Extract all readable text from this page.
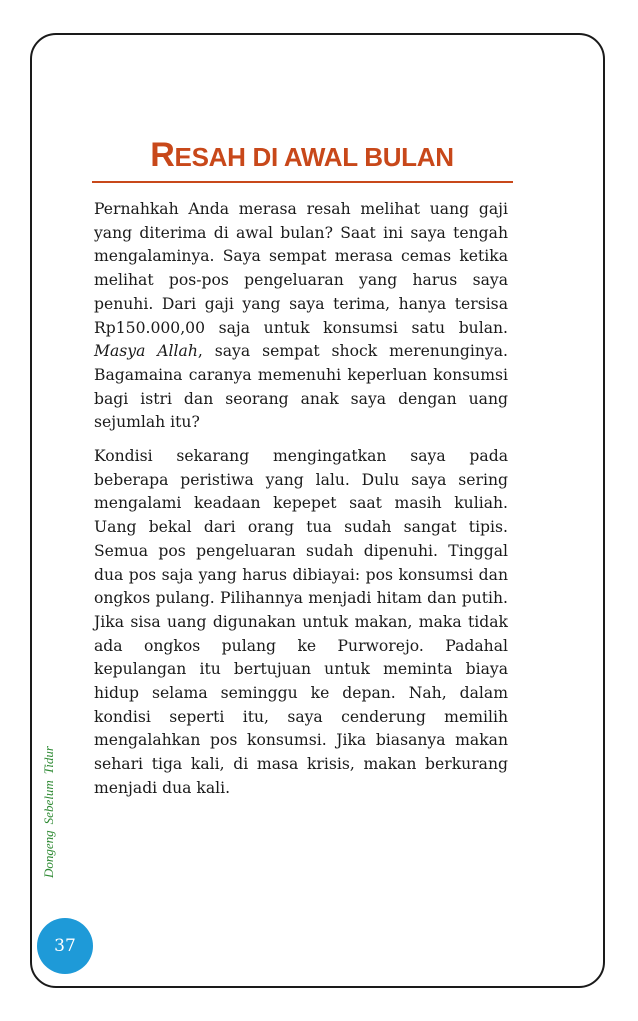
RESAH DI AWAL BULAN

Pernahkah Anda merasa resah melihat uang gaji yang diterima di awal bulan? Saat ini saya tengah mengalaminya. Saya sempat merasa cemas ketika melihat pos-pos pengeluaran yang harus saya penuhi. Dari gaji yang saya terima, hanya tersisa Rp150.000,00 saja untuk konsumsi satu bulan. Masya Allah, saya sempat shock merenunginya. Bagamaina caranya memenuhi keperluan konsumsi bagi istri dan seorang anak saya dengan uang sejumlah itu?

Kondisi sekarang mengingatkan saya pada beberapa peristiwa yang lalu. Dulu saya sering mengalami keadaan kepepet saat masih kuliah. Uang bekal dari orang tua sudah sangat tipis. Semua pos pengeluaran sudah dipenuhi. Tinggal dua pos saja yang harus dibiayai: pos konsumsi dan ongkos pulang. Pilihannya menjadi hitam dan putih. Jika sisa uang digunakan untuk makan, maka tidak ada ongkos pulang ke Purworejo. Padahal kepulangan itu bertujuan untuk meminta biaya hidup selama seminggu ke depan. Nah, dalam kondisi seperti itu, saya cenderung memilih mengalahkan pos konsumsi. Jika biasanya makan sehari tiga kali, di masa krisis, makan berkurang menjadi dua kali.

DongengSebelumTidur
37
